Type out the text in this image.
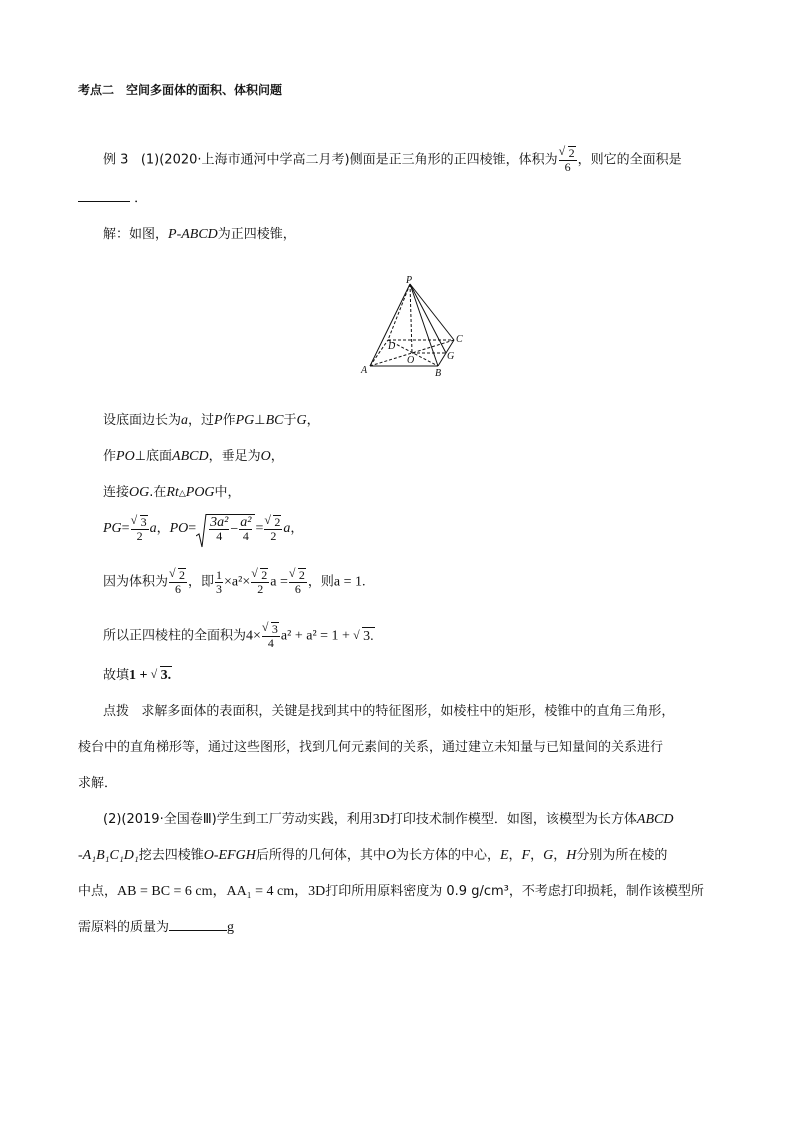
考点二　空间多面体的面积、体积问题
例 3 (1)(2020·上海市通河中学高二月考)侧面是正三角形的正四棱锥，体积为 √ $\frac{2}{6}$ ，则它的全面积是
．
解：如图，P-ABCD为正四棱锥，
P
D
C
O	G
A	B
设底面边长为a，过P作PG⊥BC于G，
作PO⊥底面ABCD，垂足为O，
连接OG.在Rt△POG中，
PG= √ $\frac{3}{2}$ a，$PO= \frac{\text{3a²}}{4} - \frac{\text{a²}}{4}$ = √ $\frac{2}{2}$ a，
因为体积为 √ $\frac{2}{6}$ ，即 $\frac{1}{3} \times a^2\times$ √ $\frac{2}{2}$ a = √ $\frac{2}{6}$ ，则a = 1.
所以正四棱柱的全面积为4× √ $\frac{3}{4} a^2 + a^2 = 1$ + √ 3.
故填1 + √ 3.
点拨 求解多面体的表面积，关键是找到其中的特征图形，如棱柱中的矩形，棱锥中的直角三角形，
棱台中的直角梯形等，通过这些图形，找到几何元素间的关系，通过建立未知量与已知量间的关系进行
求解．
(2)(2019·全国卷Ⅲ)学生到工厂劳动实践，利用3D打印技术制作模型．如图，该模型为长方体ABCD
-A₁B₁C₁D₁挖去四棱锥O-EFGH后所得的几何体，其中O为长方体的中心，E，F，G，H分别为所在棱的
中点，AB = BC = 6 cm，AA₁ = 4 cm，3D打印所用原料密度为 0.9 g/cm³，不考虑打印损耗，制作该模型所
需原料的质量为	g
